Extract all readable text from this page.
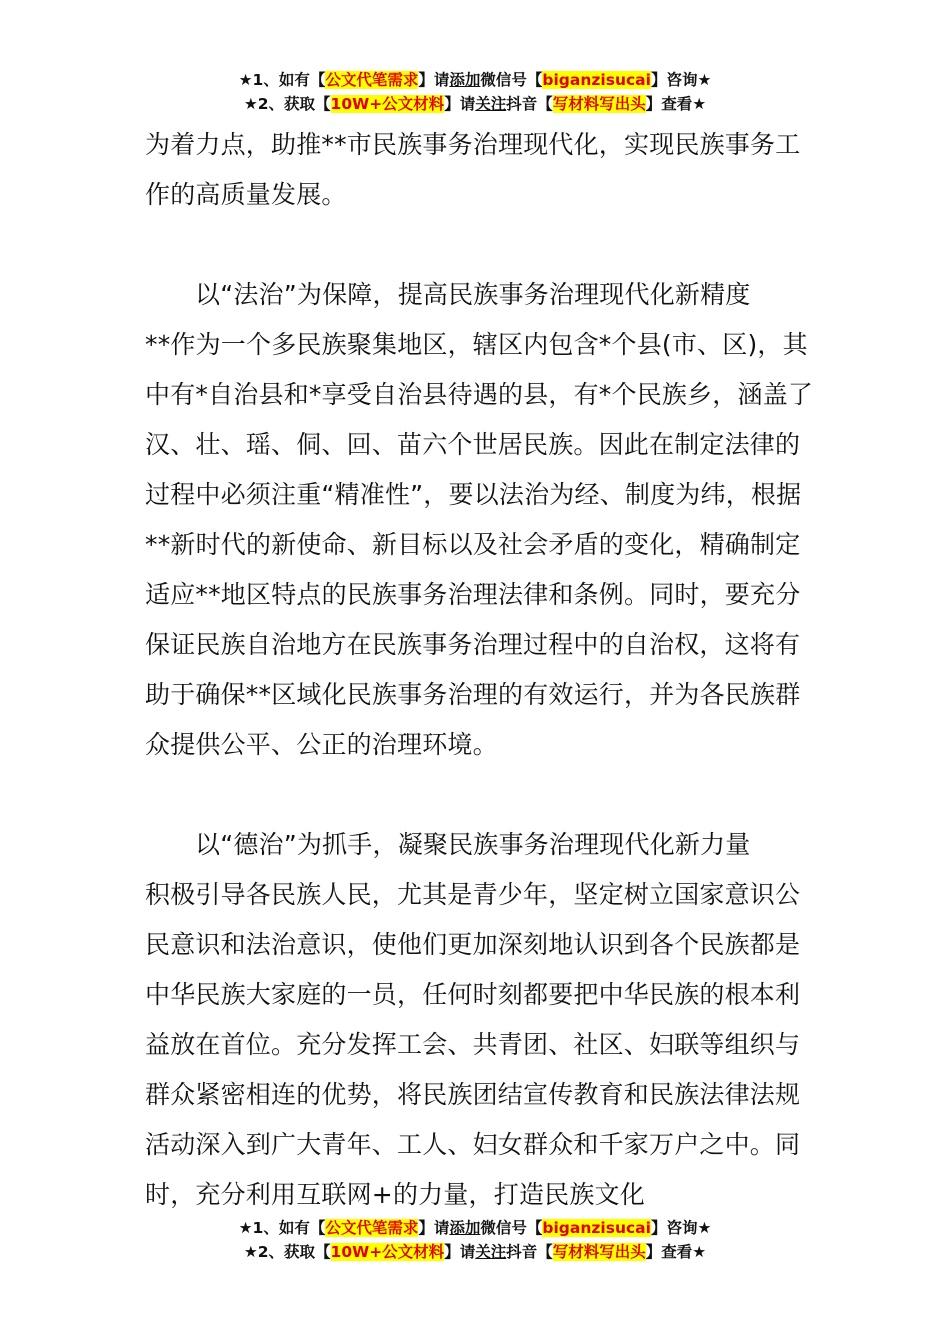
★1、如有【公文代笔需求】请添加微信号【biganzisucai】咨询★
★2、获取【10W+公文材料】请关注抖音【写材料写出头】查看★

为着力点，助推**市民族事务治理现代化，实现民族事务工作的高质量发展。

以“法治”为保障，提高民族事务治理现代化新精度

**作为一个多民族聚集地区，辖区内包含*个县(市、区)，其中有*自治县和*享受自治县待遇的县，有*个民族乡，涵盖了汉、壮、瑶、侗、回、苗六个世居民族。因此在制定法律的过程中必须注重“精准性”，要以法治为经、制度为纬，根据**新时代的新使命、新目标以及社会矛盾的变化，精确制定适应**地区特点的民族事务治理法律和条例。同时，要充分保证民族自治地方在民族事务治理过程中的自治权，这将有助于确保**区域化民族事务治理的有效运行，并为各民族群众提供公平、公正的治理环境。

以“德治”为抓手，凝聚民族事务治理现代化新力量

积极引导各民族人民，尤其是青少年，坚定树立国家意识公民意识和法治意识，使他们更加深刻地认识到各个民族都是中华民族大家庭的一员，任何时刻都要把中华民族的根本利益放在首位。充分发挥工会、共青团、社区、妇联等组织与群众紧密相连的优势，将民族团结宣传教育和民族法律法规活动深入到广大青年、工人、妇女群众和千家万户之中。同时，充分利用互联网+的力量，打造民族文化

★1、如有【公文代笔需求】请添加微信号【biganzisucai】咨询★
★2、获取【10W+公文材料】请关注抖音【写材料写出头】查看★
